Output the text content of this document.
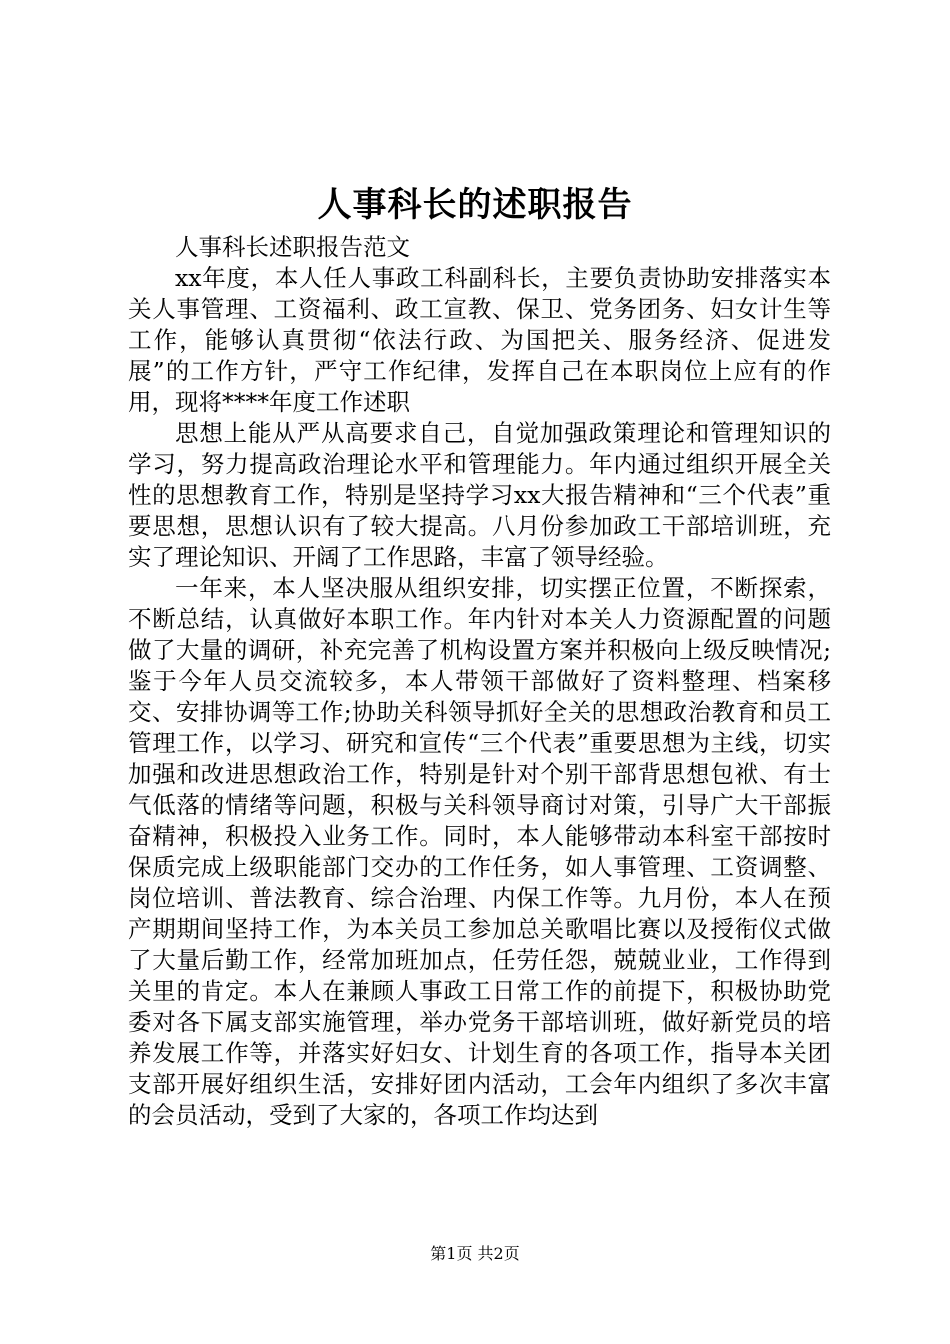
人事科长的述职报告

人事科长述职报告范文

xx年度，本人任人事政工科副科长，主要负责协助安排落实本关人事管理、工资福利、政工宣教、保卫、党务团务、妇女计生等工作，能够认真贯彻“依法行政、为国把关、服务经济、促进发展”的工作方针，严守工作纪律，发挥自己在本职岗位上应有的作用，现将****年度工作述职

思想上能从严从高要求自己，自觉加强政策理论和管理知识的学习，努力提高政治理论水平和管理能力。年内通过组织开展全关性的思想教育工作，特别是坚持学习xx大报告精神和“三个代表”重要思想，思想认识有了较大提高。八月份参加政工干部培训班，充实了理论知识、开阔了工作思路，丰富了领导经验。

一年来，本人坚决服从组织安排，切实摆正位置，不断探索，不断总结，认真做好本职工作。年内针对本关人力资源配置的问题做了大量的调研，补充完善了机构设置方案并积极向上级反映情况;鉴于今年人员交流较多，本人带领干部做好了资料整理、档案移交、安排协调等工作;协助关科领导抓好全关的思想政治教育和员工管理工作，以学习、研究和宣传“三个代表”重要思想为主线，切实加强和改进思想政治工作，特别是针对个别干部背思想包袱、有士气低落的情绪等问题，积极与关科领导商讨对策，引导广大干部振奋精神，积极投入业务工作。同时，本人能够带动本科室干部按时保质完成上级职能部门交办的工作任务，如人事管理、工资调整、岗位培训、普法教育、综合治理、内保工作等。九月份，本人在预产期期间坚持工作，为本关员工参加总关歌唱比赛以及授衔仪式做了大量后勤工作，经常加班加点，任劳任怨，兢兢业业，工作得到关里的肯定。本人在兼顾人事政工日常工作的前提下，积极协助党委对各下属支部实施管理，举办党务干部培训班，做好新党员的培养发展工作等，并落实好妇女、计划生育的各项工作，指导本关团支部开展好组织生活，安排好团内活动，工会年内组织了多次丰富的会员活动，受到了大家的，各项工作均达到

第1页 共2页
